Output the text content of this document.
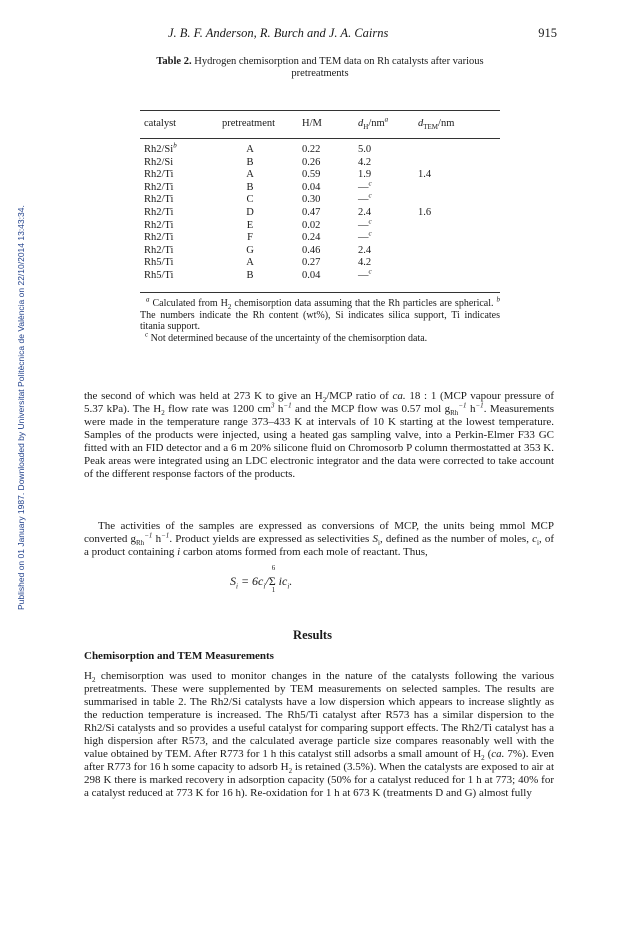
Published on 01 January 1987. Downloaded by Universitat Politècnica de València on 22/10/2014 13:43:34.
J. B. F. Anderson, R. Burch and J. A. Cairns	915
Table 2. Hydrogen chemisorption and TEM data on Rh catalysts after various pretreatments
catalyst	pretreatment	H/M	$d_H/nm^a$	$d_{TEM}/nm$
Rh2/Si$^b$	A	0.22	5.0
Rh2/Si	B	0.26	4.2
Rh2/Ti	A	0.59	1.9	1.4
Rh2/Ti	B	0.04	—$^c$
Rh2/Ti	C	0.30	—$^c$
Rh2/Ti	D	0.47	2.4	1.6
Rh2/Ti	E	0.02	—$^c$
Rh2/Ti	F	0.24	—$^c$
Rh2/Ti	G	0.46	2.4
Rh5/Ti	A	0.27	4.2
Rh5/Ti	B	0.04	—$^c$
$^a$ Calculated from $H_2$ chemisorption data assuming that the Rh particles are spherical. $^b$ The numbers indicate the Rh content (wt%), Si indicates silica support, Ti indicates titania support.
$^c$ Not determined because of the uncertainty of the chemisorption data.
the second of which was held at 273 K to give an $H_2$/MCP ratio of ca. 18 : 1 (MCP vapour pressure of 5.37 kPa). The $H_2$ flow rate was 1200 $cm^3$ $h^{-1}$ and the MCP flow was 0.57 mol $g_{Rh}^{-1}$ $h^{-1}$. Measurements were made in the temperature range 373–433 K at intervals of 10 K starting at the lowest temperature. Samples of the products were injected, using a heated gas sampling valve, into a Perkin-Elmer F33 GC fitted with an FID detector and a 6 m 20% silicone fluid on Chromosorb P column thermostatted at 353 K. Peak areas were integrated using an LDC electronic integrator and the data were corrected to take account of the different response factors of the products.
The activities of the samples are expressed as conversions of MCP, the units being mmol MCP converted $g_{Rh}^{-1}$ $h^{-1}$. Product yields are expressed as selectivities $S_i$, defined as the number of moles, $c_i$, of a product containing i carbon atoms formed from each mole of reactant. Thus,
$S_i = 6c_i/$
6
Σ
1
$ic_i$.
Results
Chemisorption and TEM Measurements
$H_2$ chemisorption was used to monitor changes in the nature of the catalysts following the various pretreatments. These were supplemented by TEM measurements on selected samples. The results are summarised in table 2. The Rh2/Si catalysts have a low dispersion which appears to increase slightly as the reduction temperature is increased. The Rh5/Ti catalyst after R573 has a similar dispersion to the Rh2/Si catalysts and so provides a useful catalyst for comparing support effects. The Rh2/Ti catalyst has a high dispersion after R573, and the calculated average particle size compares reasonably well with the value obtained by TEM. After R773 for 1 h this catalyst still adsorbs a small amount of $H_2$ (ca. 7%). Even after R773 for 16 h some capacity to adsorb $H_2$ is retained (3.5%). When the catalysts are exposed to air at 298 K there is marked recovery in adsorption capacity (50% for a catalyst reduced for 1 h at 773; 40% for a catalyst reduced at 773 K for 16 h). Re-oxidation for 1 h at 673 K (treatments D and G) almost fully
